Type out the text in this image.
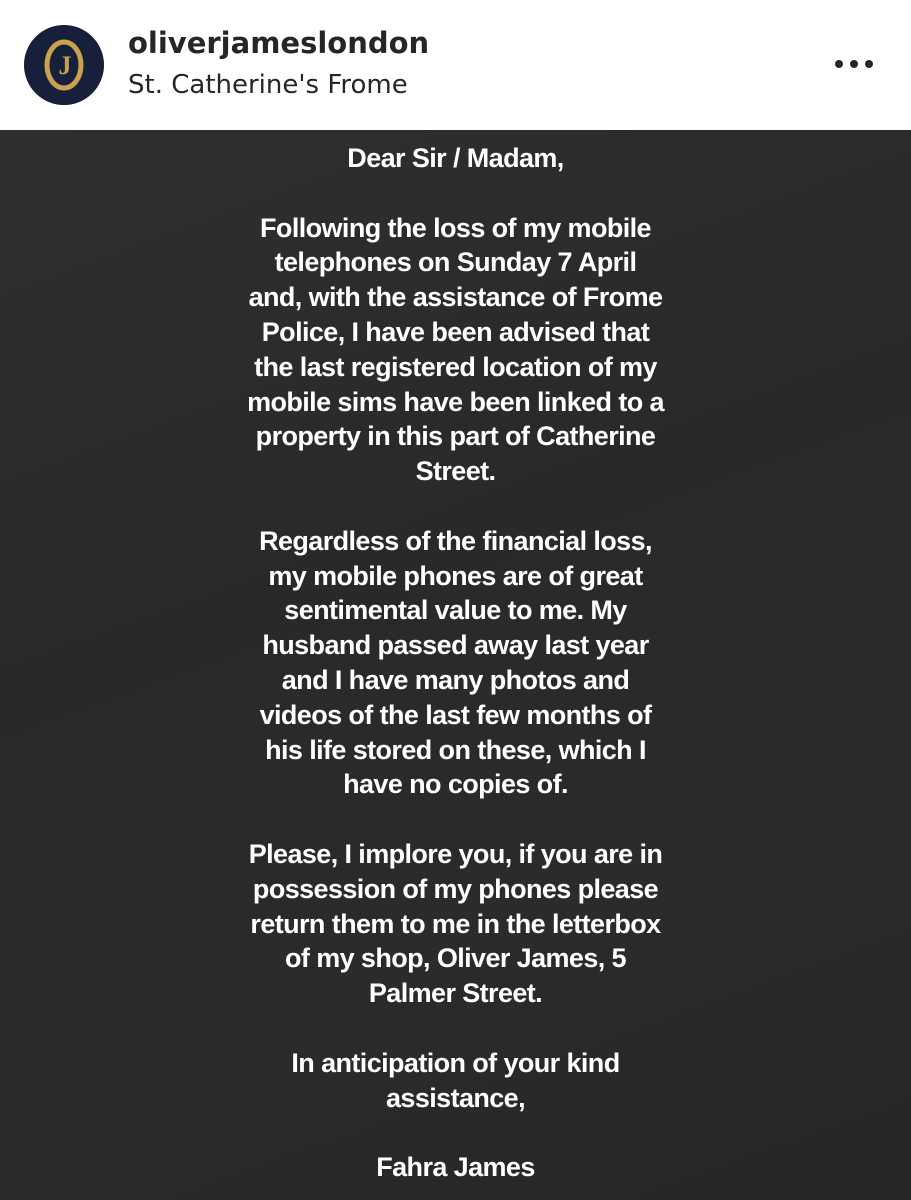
J
oliverjameslondon
St. Catherine's Frome

Dear Sir / Madam,

Following the loss of my mobile
telephones on Sunday 7 April
and, with the assistance of Frome
Police, I have been advised that
the last registered location of my
mobile sims have been linked to a
property in this part of Catherine
Street.

Regardless of the financial loss,
my mobile phones are of great
sentimental value to me. My
husband passed away last year
and I have many photos and
videos of the last few months of
his life stored on these, which I
have no copies of.

Please, I implore you, if you are in
possession of my phones please
return them to me in the letterbox
of my shop, Oliver James, 5
Palmer Street.

In anticipation of your kind
assistance,

Fahra James
